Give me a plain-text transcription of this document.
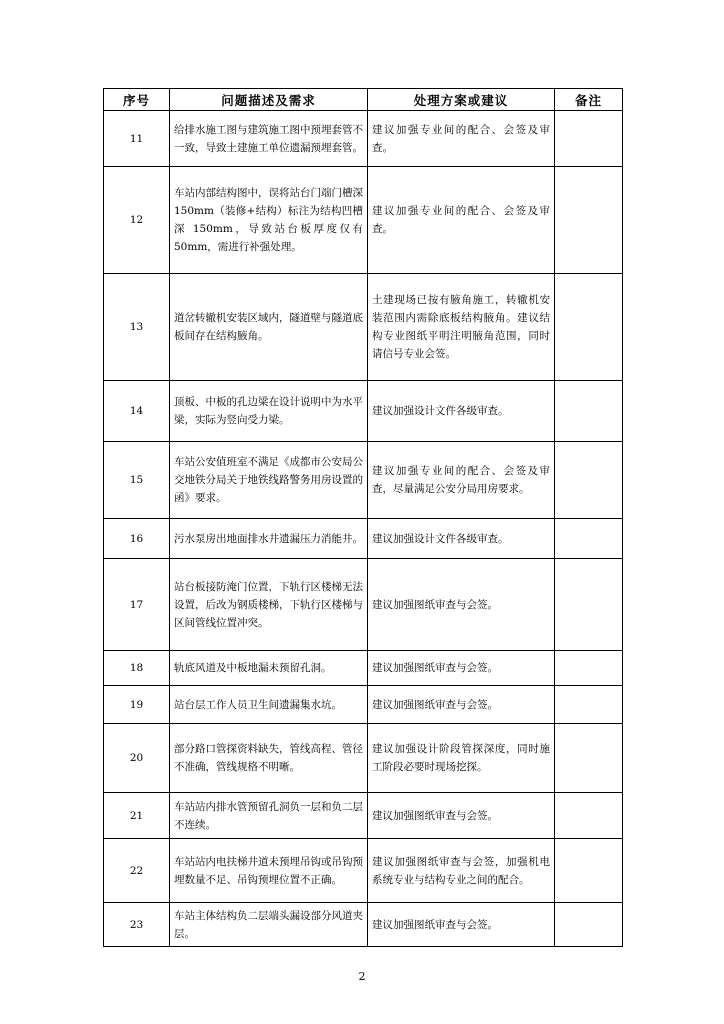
序号	问题描述及需求	处理方案或建议	备注
11	给排水施工图与建筑施工图中预埋套管不一致，导致土建施工单位遗漏预埋套管。	建议加强专业间的配合、会签及审查。	
12	车站内部结构图中，误将站台门端门槽深 150mm（装修+结构）标注为结构凹槽深 150mm，导致站台板厚度仅有 50mm，需进行补强处理。	建议加强专业间的配合、会签及审查。	
13	道岔转辙机安装区域内，隧道壁与隧道底板间存在结构腋角。	土建现场已按有腋角施工，转辙机安装范围内需除底板结构腋角。建议结构专业图纸平明注明腋角范围，同时请信号专业会签。	
14	顶板、中板的孔边梁在设计说明中为水平梁，实际为竖向受力梁。	建议加强设计文件各级审查。	
15	车站公安值班室不满足《成都市公安局公交地铁分局关于地铁线路警务用房设置的函》要求。	建议加强专业间的配合、会签及审查，尽量满足公安分局用房要求。	
16	污水泵房出地面排水井遗漏压力消能井。	建议加强设计文件各级审查。	
17	站台板接防淹门位置，下轨行区楼梯无法设置，后改为钢质楼梯，下轨行区楼梯与区间管线位置冲突。	建议加强图纸审查与会签。	
18	轨底风道及中板地漏未预留孔洞。	建议加强图纸审查与会签。	
19	站台层工作人员卫生间遗漏集水坑。	建议加强图纸审查与会签。	
20	部分路口管探资料缺失，管线高程、管径不准确，管线规格不明晰。	建议加强设计阶段管探深度，同时施工阶段必要时现场挖探。	
21	车站站内排水管预留孔洞负一层和负二层不连续。	建议加强图纸审查与会签。	
22	车站站内电扶梯井道未预埋吊钩或吊钩预埋数量不足、吊钩预埋位置不正确。	建议加强图纸审查与会签，加强机电系统专业与结构专业之间的配合。	
23	车站主体结构负二层端头漏设部分风道夹层。	建议加强图纸审查与会签。	
2
